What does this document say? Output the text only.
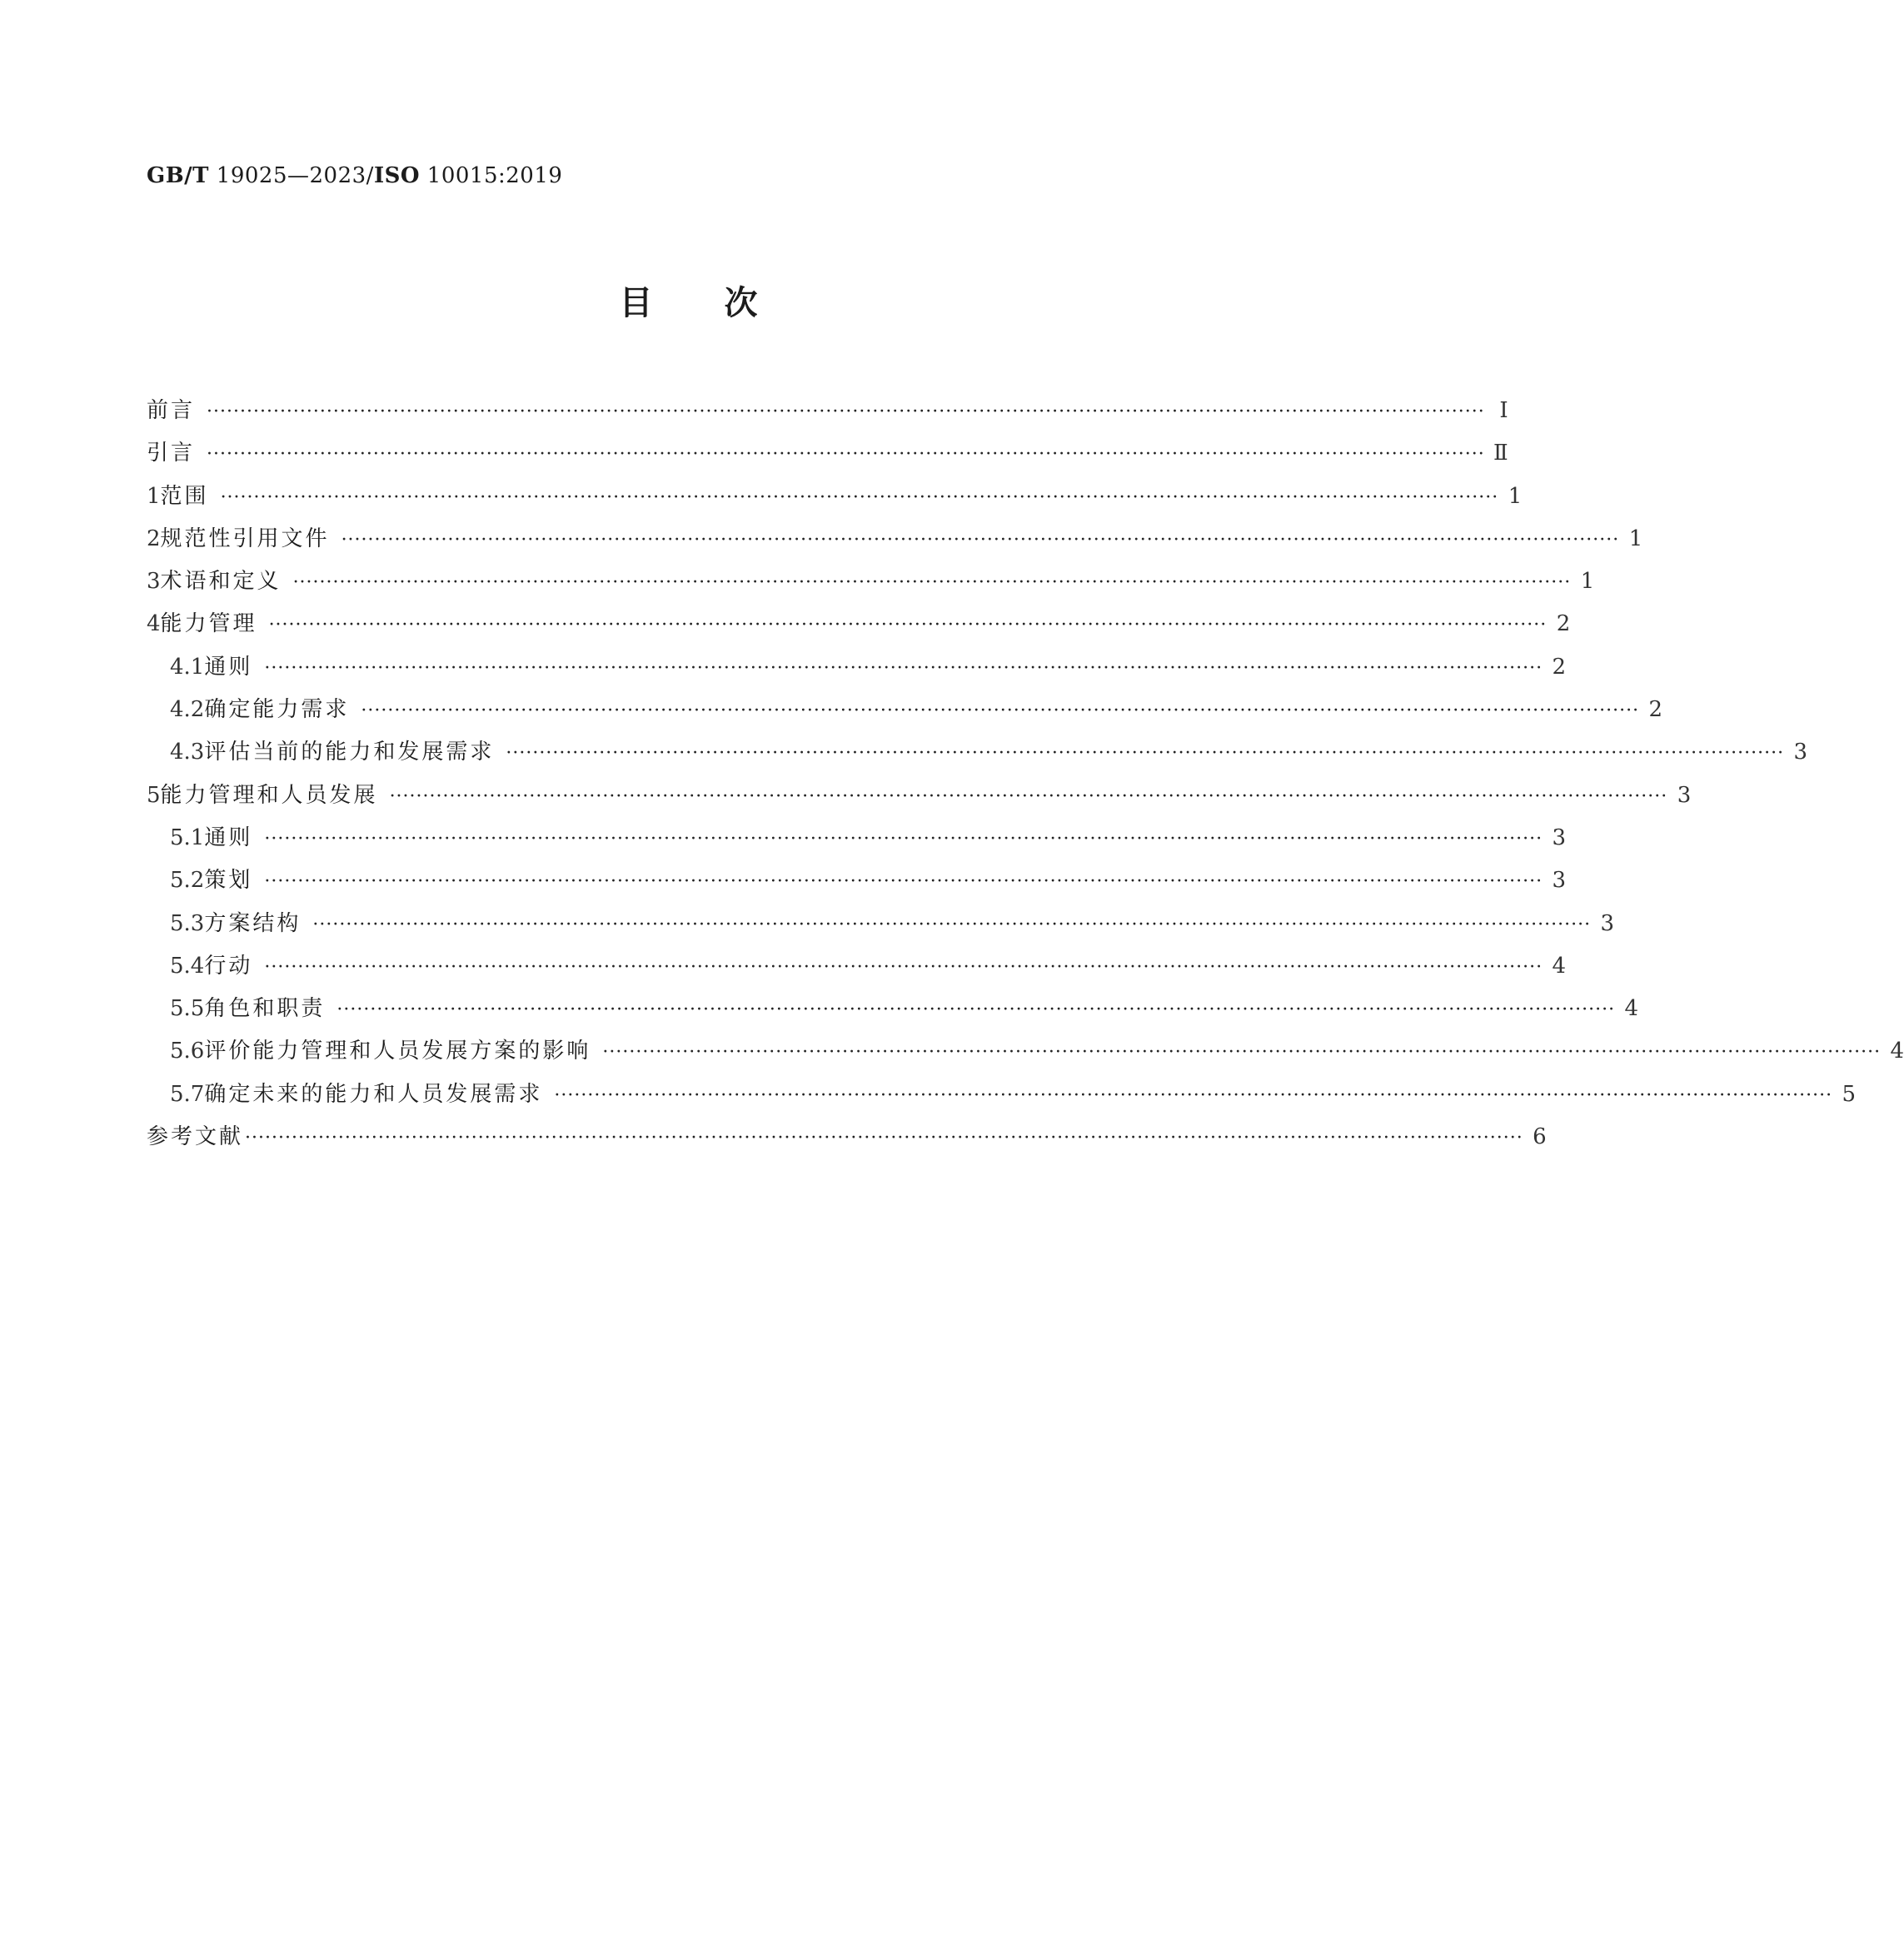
GB/T 19025—2023/ISO 10015:2019
目次
前言 ································································································································································································ Ⅰ
引言 ································································································································································································ Ⅱ
1 范围 ································································································································································································ 1
2 规范性引用文件 ································································································································································································ 1
3 术语和定义 ································································································································································································ 1
4 能力管理 ································································································································································································ 2
4.1 通则 ································································································································································································ 2
4.2 确定能力需求 ································································································································································································ 2
4.3 评估当前的能力和发展需求 ································································································································································································ 3
5 能力管理和人员发展 ································································································································································································ 3
5.1 通则 ································································································································································································ 3
5.2 策划 ································································································································································································ 3
5.3 方案结构 ································································································································································································ 3
5.4 行动 ································································································································································································ 4
5.5 角色和职责 ································································································································································································ 4
5.6 评价能力管理和人员发展方案的影响 ································································································································································································ 4
5.7 确定未来的能力和人员发展需求 ································································································································································································ 5
参考文献 ································································································································································································ 6
